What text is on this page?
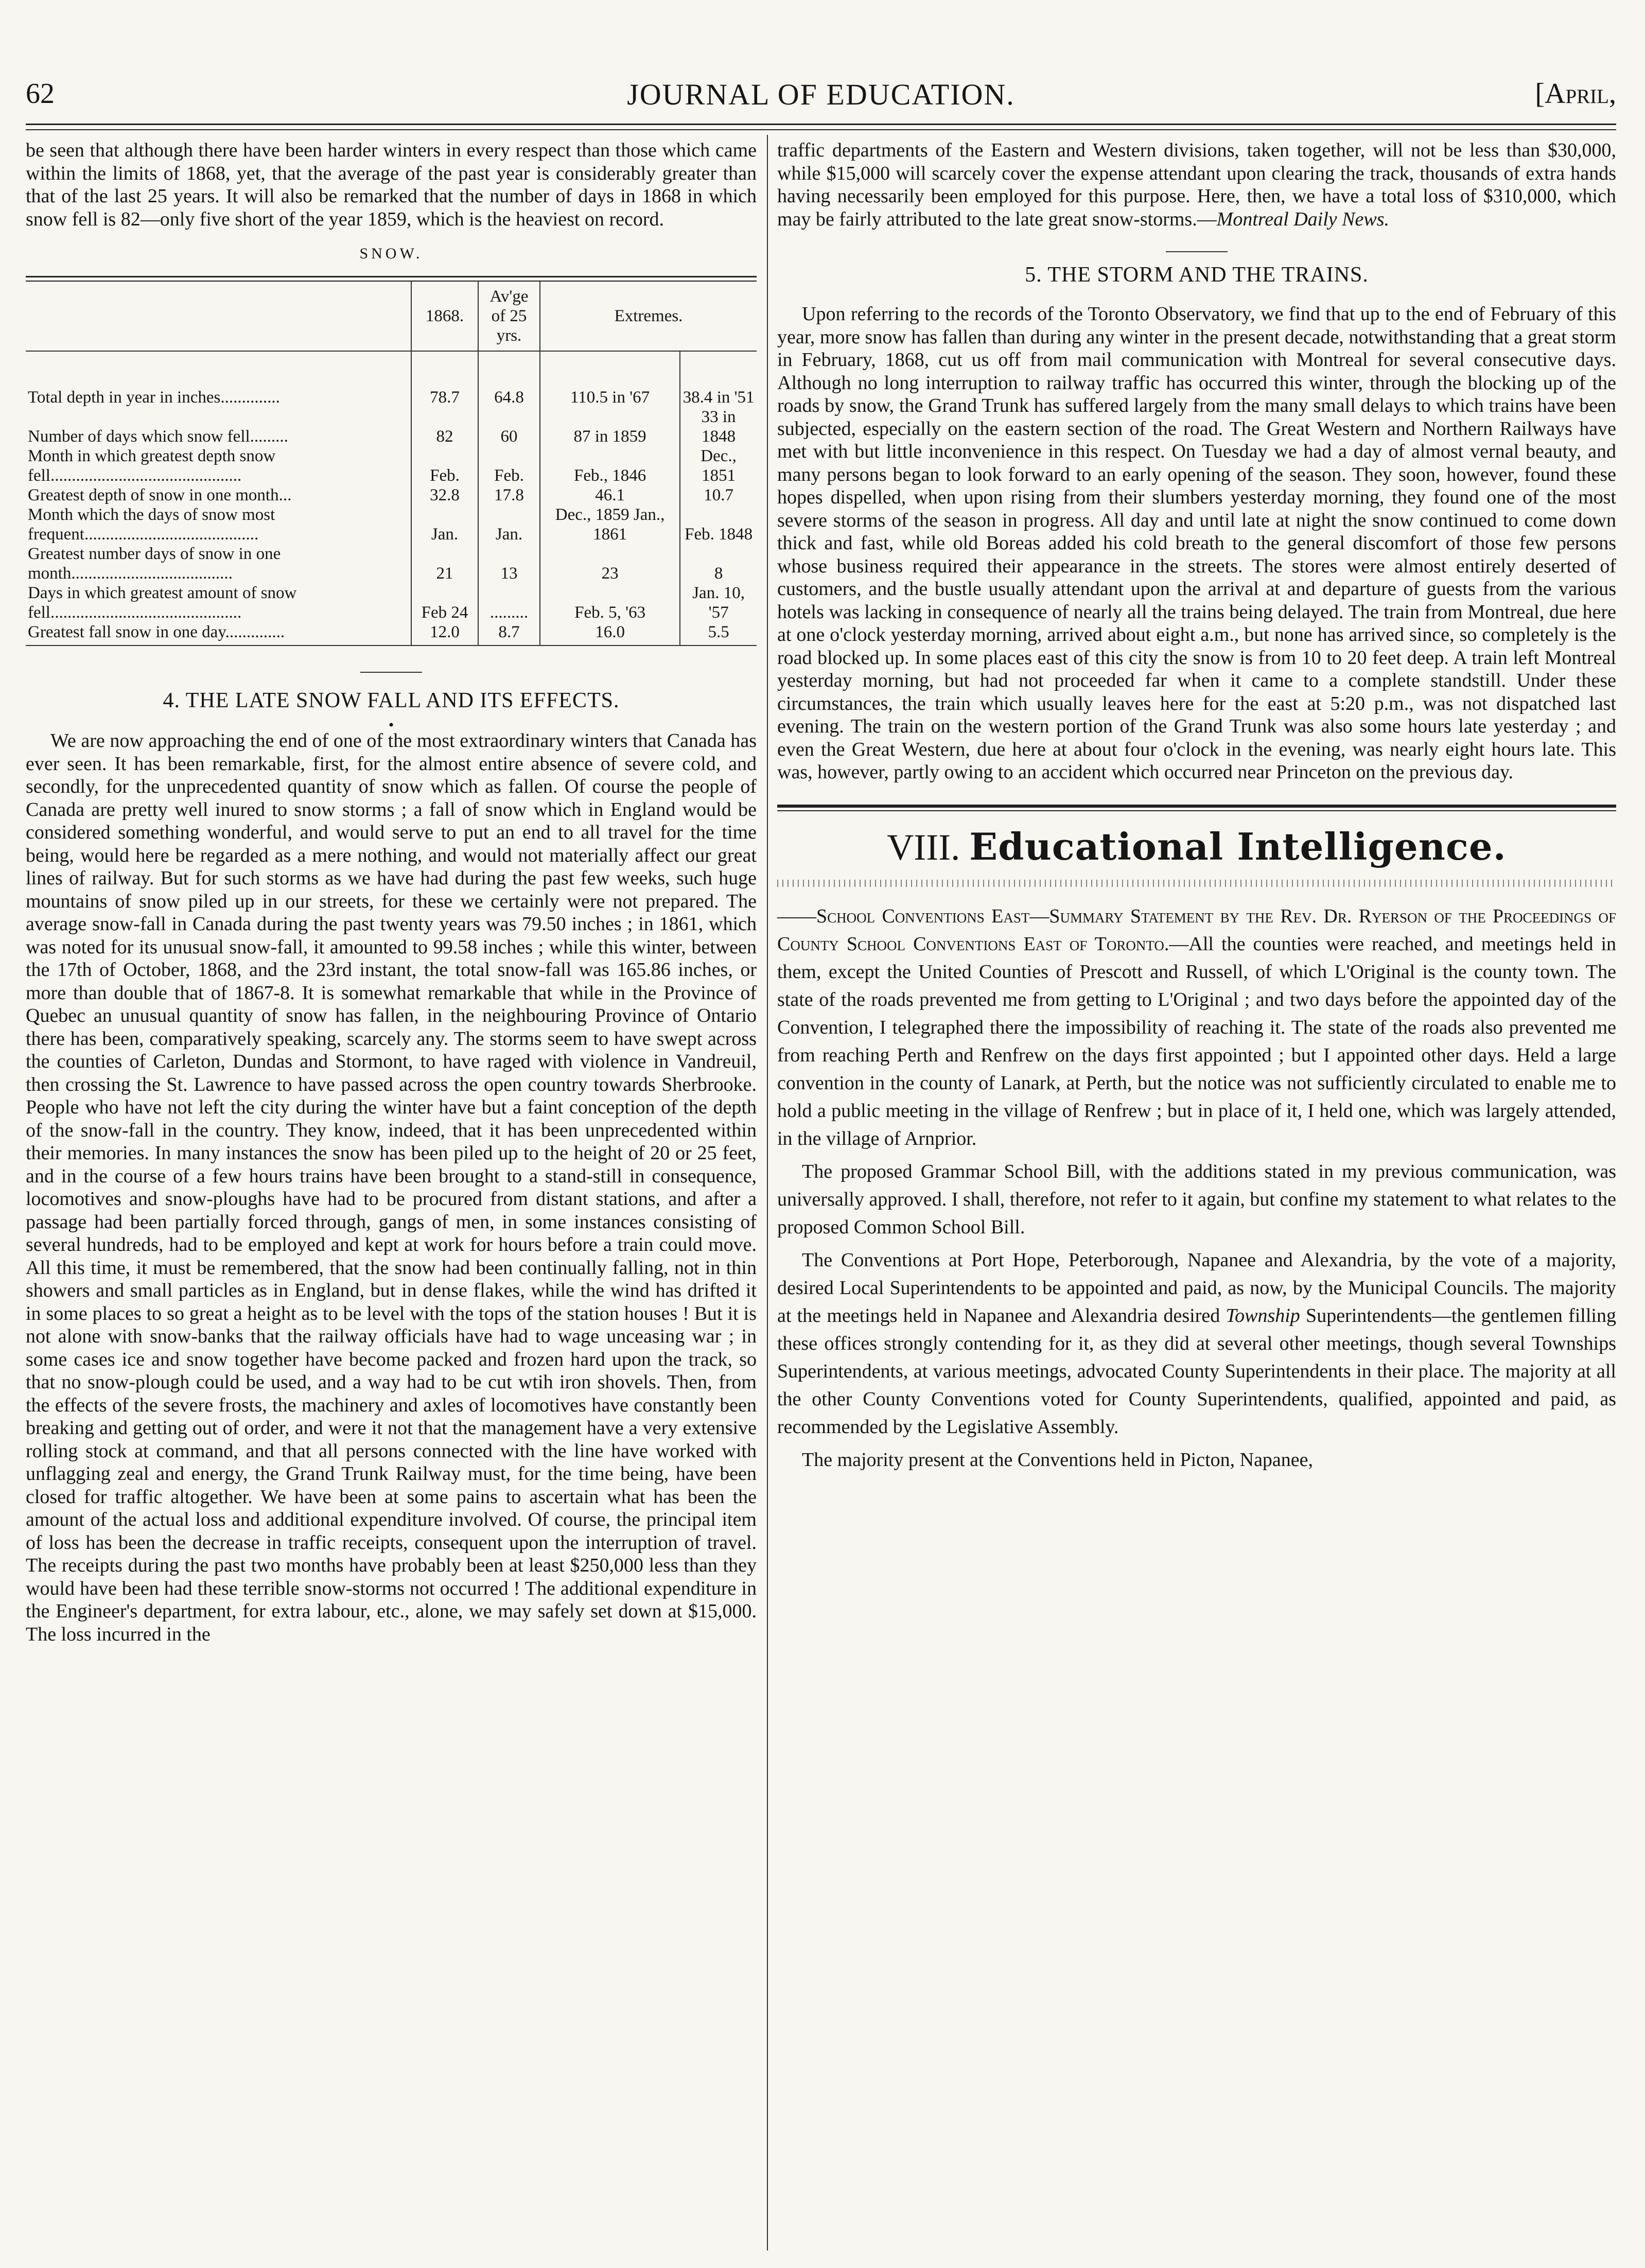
62	JOURNAL OF EDUCATION.	[April,

be seen that although there have been harder winters in every respect than those which came within the limits of 1868, yet, that the average of the past year is considerably greater than that of the last 25 years. It will also be remarked that the number of days in 1868 in which snow fell is 82—only five short of the year 1859, which is the heaviest on record.

SNOW.
	1868.	Av'ge of 25 yrs.	Extremes.	

Total depth in year in inches..............	78.7	64.8	110.5 in '67	38.4 in '51
Number of days which snow fell.........	82	60	87 in 1859	33 in 1848
Month in which greatest depth snow fell.............................................	Feb.	Feb.	Feb., 1846	Dec., 1851
Greatest depth of snow in one month...	32.8	17.8	46.1	10.7
Month which the days of snow most frequent.........................................	Jan.	Jan.	Dec., 1859 Jan., 1861	Feb. 1848
Greatest number days of snow in one month......................................	21	13	23	8
Days in which greatest amount of snow fell.............................................	Feb 24	.........	Feb. 5, '63	Jan. 10, '57
Greatest fall snow in one day..............	12.0	8.7	16.0	5.5
4. THE LATE SNOW FALL AND ITS EFFECTS.
•

We are now approaching the end of one of the most extraordinary winters that Canada has ever seen. It has been remarkable, first, for the almost entire absence of severe cold, and secondly, for the unprecedented quantity of snow which as fallen. Of course the people of Canada are pretty well inured to snow storms ; a fall of snow which in England would be considered something wonderful, and would serve to put an end to all travel for the time being, would here be regarded as a mere nothing, and would not materially affect our great lines of railway. But for such storms as we have had during the past few weeks, such huge mountains of snow piled up in our streets, for these we certainly were not prepared. The average snow-fall in Canada during the past twenty years was 79.50 inches ; in 1861, which was noted for its unusual snow-fall, it amounted to 99.58 inches ; while this winter, between the 17th of October, 1868, and the 23rd instant, the total snow-fall was 165.86 inches, or more than double that of 1867-8. It is somewhat remarkable that while in the Province of Quebec an unusual quantity of snow has fallen, in the neighbouring Province of Ontario there has been, comparatively speaking, scarcely any. The storms seem to have swept across the counties of Carleton, Dundas and Stormont, to have raged with violence in Vandreuil, then crossing the St. Lawrence to have passed across the open country towards Sherbrooke. People who have not left the city during the winter have but a faint conception of the depth of the snow-fall in the country. They know, indeed, that it has been unprecedented within their memories. In many instances the snow has been piled up to the height of 20 or 25 feet, and in the course of a few hours trains have been brought to a stand-still in consequence, locomotives and snow-ploughs have had to be procured from distant stations, and after a passage had been partially forced through, gangs of men, in some instances consisting of several hundreds, had to be employed and kept at work for hours before a train could move. All this time, it must be remembered, that the snow had been continually falling, not in thin showers and small particles as in England, but in dense flakes, while the wind has drifted it in some places to so great a height as to be level with the tops of the station houses ! But it is not alone with snow-banks that the railway officials have had to wage unceasing war ; in some cases ice and snow together have become packed and frozen hard upon the track, so that no snow-plough could be used, and a way had to be cut wtih iron shovels. Then, from the effects of the severe frosts, the machinery and axles of locomotives have constantly been breaking and getting out of order, and were it not that the management have a very extensive rolling stock at command, and that all persons connected with the line have worked with unflagging zeal and energy, the Grand Trunk Railway must, for the time being, have been closed for traffic altogether. We have been at some pains to ascertain what has been the amount of the actual loss and additional expenditure involved. Of course, the principal item of loss has been the decrease in traffic receipts, consequent upon the interruption of travel. The receipts during the past two months have probably been at least $250,000 less than they would have been had these terrible snow-storms not occurred ! The additional expenditure in the Engineer's department, for extra labour, etc., alone, we may safely set down at $15,000. The loss incurred in the

traffic departments of the Eastern and Western divisions, taken together, will not be less than $30,000, while $15,000 will scarcely cover the expense attendant upon clearing the track, thousands of extra hands having necessarily been employed for this purpose. Here, then, we have a total loss of $310,000, which may be fairly attributed to the late great snow-storms.—Montreal Daily News.

5. THE STORM AND THE TRAINS.

Upon referring to the records of the Toronto Observatory, we find that up to the end of February of this year, more snow has fallen than during any winter in the present decade, notwithstanding that a great storm in February, 1868, cut us off from mail communication with Montreal for several consecutive days. Although no long interruption to railway traffic has occurred this winter, through the blocking up of the roads by snow, the Grand Trunk has suffered largely from the many small delays to which trains have been subjected, especially on the eastern section of the road. The Great Western and Northern Railways have met with but little inconvenience in this respect. On Tuesday we had a day of almost vernal beauty, and many persons began to look forward to an early opening of the season. They soon, however, found these hopes dispelled, when upon rising from their slumbers yesterday morning, they found one of the most severe storms of the season in progress. All day and until late at night the snow continued to come down thick and fast, while old Boreas added his cold breath to the general discomfort of those few persons whose business required their appearance in the streets. The stores were almost entirely deserted of customers, and the bustle usually attendant upon the arrival at and departure of guests from the various hotels was lacking in consequence of nearly all the trains being delayed. The train from Montreal, due here at one o'clock yesterday morning, arrived about eight a.m., but none has arrived since, so completely is the road blocked up. In some places east of this city the snow is from 10 to 20 feet deep. A train left Montreal yesterday morning, but had not proceeded far when it came to a complete standstill. Under these circumstances, the train which usually leaves here for the east at 5:20 p.m., was not dispatched last evening. The train on the western portion of the Grand Trunk was also some hours late yesterday ; and even the Great Western, due here at about four o'clock in the evening, was nearly eight hours late. This was, however, partly owing to an accident which occurred near Princeton on the previous day.

VIII. Educational Intelligence.

——School Conventions East—Summary Statement by the Rev. Dr. Ryerson of the Proceedings of County School Conventions East of Toronto.—All the counties were reached, and meetings held in them, except the United Counties of Prescott and Russell, of which L'Original is the county town. The state of the roads prevented me from getting to L'Original ; and two days before the appointed day of the Convention, I telegraphed there the impossibility of reaching it. The state of the roads also prevented me from reaching Perth and Renfrew on the days first appointed ; but I appointed other days. Held a large convention in the county of Lanark, at Perth, but the notice was not sufficiently circulated to enable me to hold a public meeting in the village of Renfrew ; but in place of it, I held one, which was largely attended, in the village of Arnprior.

The proposed Grammar School Bill, with the additions stated in my previous communication, was universally approved. I shall, therefore, not refer to it again, but confine my statement to what relates to the proposed Common School Bill.

The Conventions at Port Hope, Peterborough, Napanee and Alexandria, by the vote of a majority, desired Local Superintendents to be appointed and paid, as now, by the Municipal Councils. The majority at the meetings held in Napanee and Alexandria desired Township Superintendents—the gentlemen filling these offices strongly contending for it, as they did at several other meetings, though several Townships Superintendents, at various meetings, advocated County Superintendents in their place. The majority at all the other County Conventions voted for County Superintendents, qualified, appointed and paid, as recommended by the Legislative Assembly.

The majority present at the Conventions held in Picton, Napanee,
